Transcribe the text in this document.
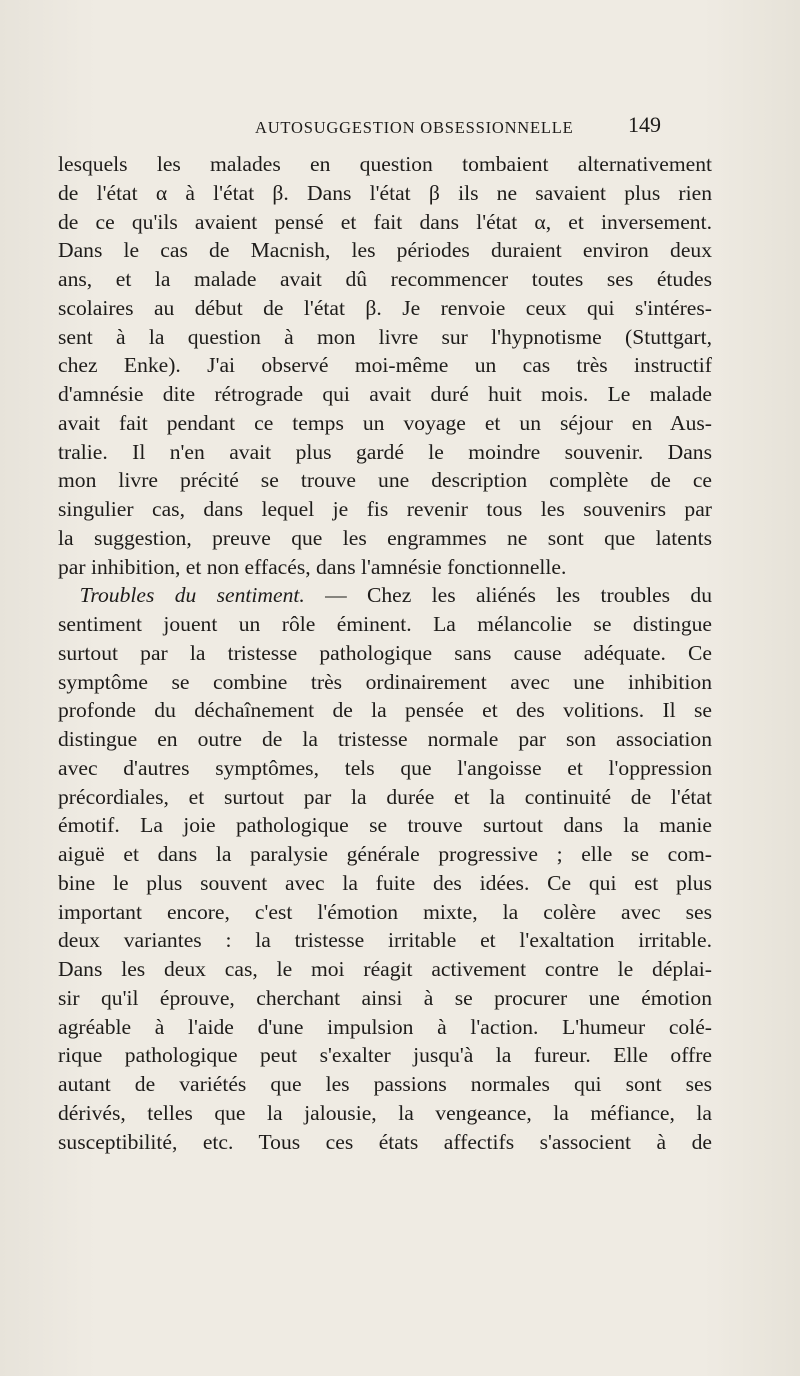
AUTOSUGGESTION OBSESSIONNELLE	149
lesquels les malades en question tombaient alternativement
de l'état α à l'état β. Dans l'état β ils ne savaient plus rien
de ce qu'ils avaient pensé et fait dans l'état α, et inversement.
Dans le cas de Macnish, les périodes duraient environ deux
ans, et la malade avait dû recommencer toutes ses études
scolaires au début de l'état β. Je renvoie ceux qui s'intéres-
sent à la question à mon livre sur l'hypnotisme (Stuttgart,
chez Enke). J'ai observé moi-même un cas très instructif
d'amnésie dite rétrograde qui avait duré huit mois. Le malade
avait fait pendant ce temps un voyage et un séjour en Aus-
tralie. Il n'en avait plus gardé le moindre souvenir. Dans
mon livre précité se trouve une description complète de ce
singulier cas, dans lequel je fis revenir tous les souvenirs par
la suggestion, preuve que les engrammes ne sont que latents
par inhibition, et non effacés, dans l'amnésie fonctionnelle.
 Troubles du sentiment. — Chez les aliénés les troubles du
sentiment jouent un rôle éminent. La mélancolie se distingue
surtout par la tristesse pathologique sans cause adéquate. Ce
symptôme se combine très ordinairement avec une inhibition
profonde du déchaînement de la pensée et des volitions. Il se
distingue en outre de la tristesse normale par son association
avec d'autres symptômes, tels que l'angoisse et l'oppression
précordiales, et surtout par la durée et la continuité de l'état
émotif. La joie pathologique se trouve surtout dans la manie
aiguë et dans la paralysie générale progressive ; elle se com-
bine le plus souvent avec la fuite des idées. Ce qui est plus
important encore, c'est l'émotion mixte, la colère avec ses
deux variantes : la tristesse irritable et l'exaltation irritable.
Dans les deux cas, le moi réagit activement contre le déplai-
sir qu'il éprouve, cherchant ainsi à se procurer une émotion
agréable à l'aide d'une impulsion à l'action. L'humeur colé-
rique pathologique peut s'exalter jusqu'à la fureur. Elle offre
autant de variétés que les passions normales qui sont ses
dérivés, telles que la jalousie, la vengeance, la méfiance, la
susceptibilité, etc. Tous ces états affectifs s'associent à de
